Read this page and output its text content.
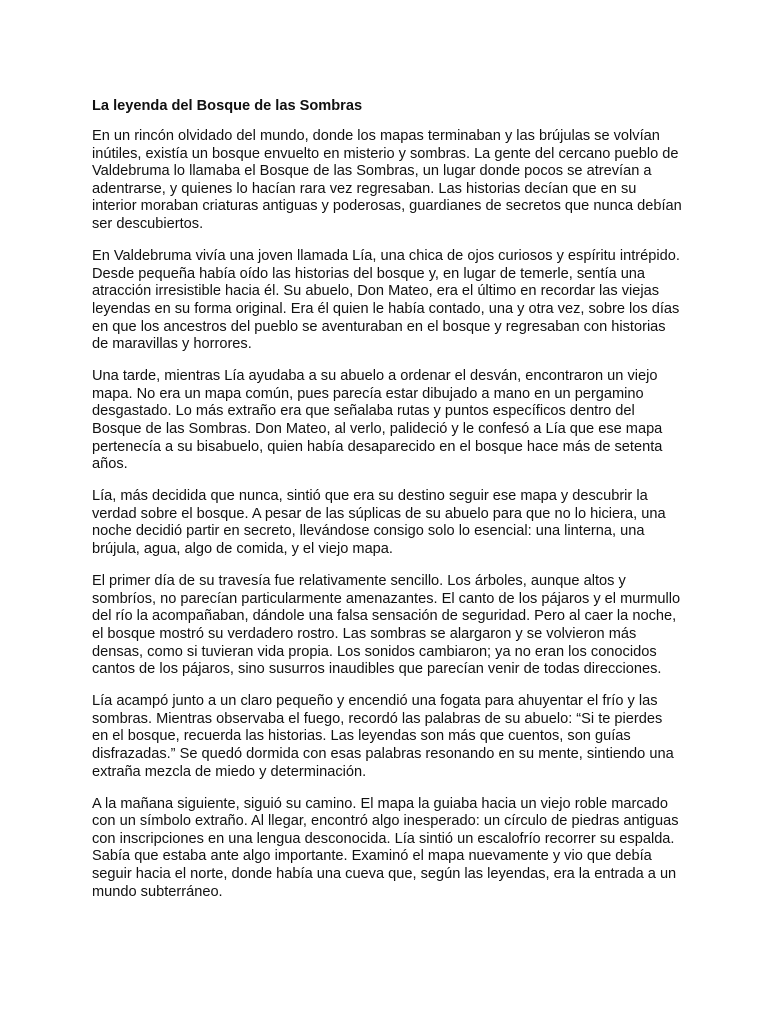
La leyenda del Bosque de las Sombras

En un rincón olvidado del mundo, donde los mapas terminaban y las brújulas se volvían inútiles, existía un bosque envuelto en misterio y sombras. La gente del cercano pueblo de Valdebruma lo llamaba el Bosque de las Sombras, un lugar donde pocos se atrevían a adentrarse, y quienes lo hacían rara vez regresaban. Las historias decían que en su interior moraban criaturas antiguas y poderosas, guardianes de secretos que nunca debían ser descubiertos.

En Valdebruma vivía una joven llamada Lía, una chica de ojos curiosos y espíritu intrépido. Desde pequeña había oído las historias del bosque y, en lugar de temerle, sentía una atracción irresistible hacia él. Su abuelo, Don Mateo, era el último en recordar las viejas leyendas en su forma original. Era él quien le había contado, una y otra vez, sobre los días en que los ancestros del pueblo se aventuraban en el bosque y regresaban con historias de maravillas y horrores.

Una tarde, mientras Lía ayudaba a su abuelo a ordenar el desván, encontraron un viejo mapa. No era un mapa común, pues parecía estar dibujado a mano en un pergamino desgastado. Lo más extraño era que señalaba rutas y puntos específicos dentro del Bosque de las Sombras. Don Mateo, al verlo, palideció y le confesó a Lía que ese mapa pertenecía a su bisabuelo, quien había desaparecido en el bosque hace más de setenta años.

Lía, más decidida que nunca, sintió que era su destino seguir ese mapa y descubrir la verdad sobre el bosque. A pesar de las súplicas de su abuelo para que no lo hiciera, una noche decidió partir en secreto, llevándose consigo solo lo esencial: una linterna, una brújula, agua, algo de comida, y el viejo mapa.

El primer día de su travesía fue relativamente sencillo. Los árboles, aunque altos y sombríos, no parecían particularmente amenazantes. El canto de los pájaros y el murmullo del río la acompañaban, dándole una falsa sensación de seguridad. Pero al caer la noche, el bosque mostró su verdadero rostro. Las sombras se alargaron y se volvieron más densas, como si tuvieran vida propia. Los sonidos cambiaron; ya no eran los conocidos cantos de los pájaros, sino susurros inaudibles que parecían venir de todas direcciones.

Lía acampó junto a un claro pequeño y encendió una fogata para ahuyentar el frío y las sombras. Mientras observaba el fuego, recordó las palabras de su abuelo: “Si te pierdes en el bosque, recuerda las historias. Las leyendas son más que cuentos, son guías disfrazadas.” Se quedó dormida con esas palabras resonando en su mente, sintiendo una extraña mezcla de miedo y determinación.

A la mañana siguiente, siguió su camino. El mapa la guiaba hacia un viejo roble marcado con un símbolo extraño. Al llegar, encontró algo inesperado: un círculo de piedras antiguas con inscripciones en una lengua desconocida. Lía sintió un escalofrío recorrer su espalda. Sabía que estaba ante algo importante. Examinó el mapa nuevamente y vio que debía seguir hacia el norte, donde había una cueva que, según las leyendas, era la entrada a un mundo subterráneo.
